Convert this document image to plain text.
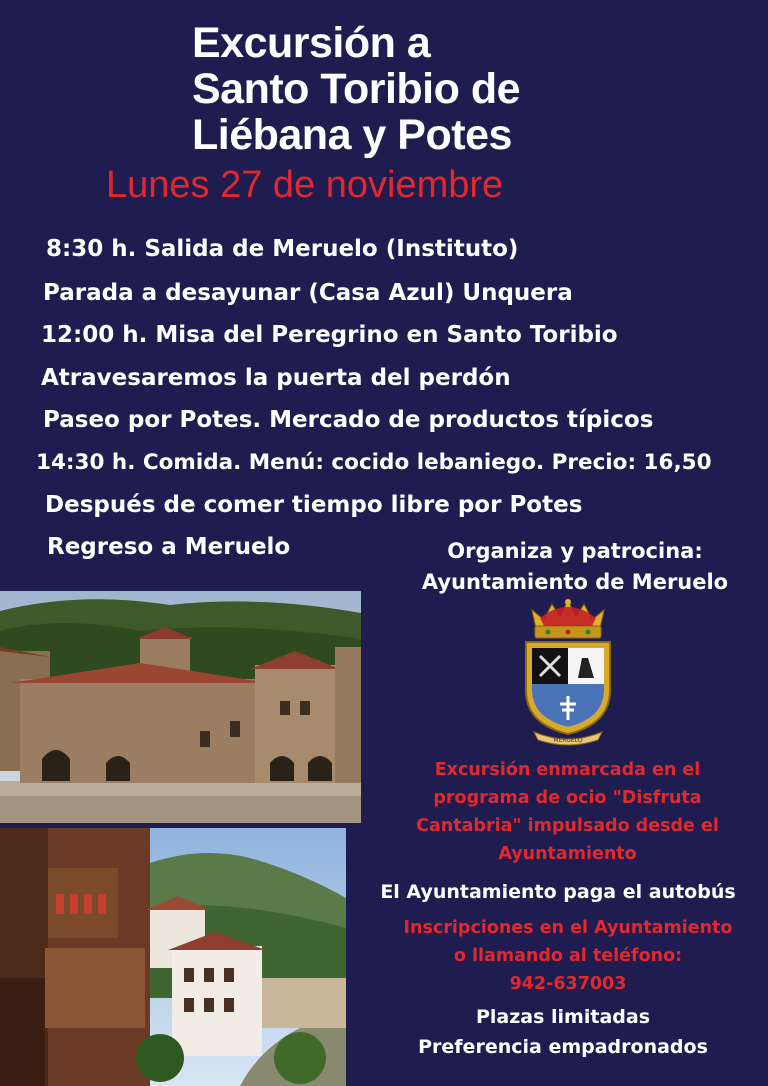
Excursión a
Santo Toribio de
Liébana y Potes
Lunes 27 de noviembre
8:30 h. Salida de Meruelo (Instituto)
Parada a desayunar (Casa Azul) Unquera
12:00 h. Misa del Peregrino en Santo Toribio
Atravesaremos la puerta del perdón
Paseo por Potes. Mercado de productos típicos
14:30 h. Comida. Menú: cocido lebaniego. Precio: 16,50
Después de comer tiempo libre por Potes
Regreso a Meruelo	Organiza y patrocina:
Ayuntamiento de Meruelo
MERUELO
Excursión enmarcada en el
programa de ocio "Disfruta
Cantabria" impulsado desde el
Ayuntamiento
El Ayuntamiento paga el autobús
Inscripciones en el Ayuntamiento
o llamando al teléfono:
942-637003
Plazas limitadas
Preferencia empadronados
